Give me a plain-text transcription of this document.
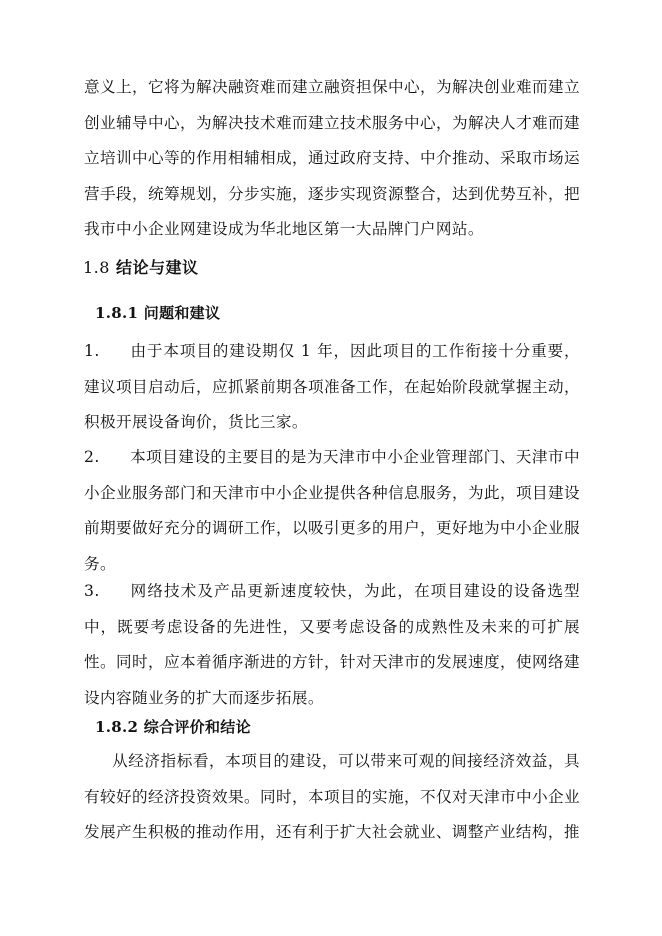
意义上，它将为解决融资难而建立融资担保中心，为解决创业难而建立创业辅导中心，为解决技术难而建立技术服务中心，为解决人才难而建立培训中心等的作用相辅相成，通过政府支持、中介推动、采取市场运营手段，统筹规划，分步实施，逐步实现资源整合，达到优势互补，把我市中小企业网建设成为华北地区第一大品牌门户网站。

1.8 结论与建议
1.8.1 问题和建议

1. 由于本项目的建设期仅 1 年，因此项目的工作衔接十分重要，建议项目启动后，应抓紧前期各项准备工作，在起始阶段就掌握主动，积极开展设备询价，货比三家。

2. 本项目建设的主要目的是为天津市中小企业管理部门、天津市中小企业服务部门和天津市中小企业提供各种信息服务，为此，项目建设前期要做好充分的调研工作，以吸引更多的用户，更好地为中小企业服务。

3. 网络技术及产品更新速度较快，为此，在项目建设的设备选型中，既要考虑设备的先进性，又要考虑设备的成熟性及未来的可扩展性。同时，应本着循序渐进的方针，针对天津市的发展速度，使网络建设内容随业务的扩大而逐步拓展。

1.8.2 综合评价和结论

从经济指标看，本项目的建设，可以带来可观的间接经济效益，具有较好的经济投资效果。同时，本项目的实施，不仅对天津市中小企业发展产生积极的推动作用，还有利于扩大社会就业、调整产业结构，推
